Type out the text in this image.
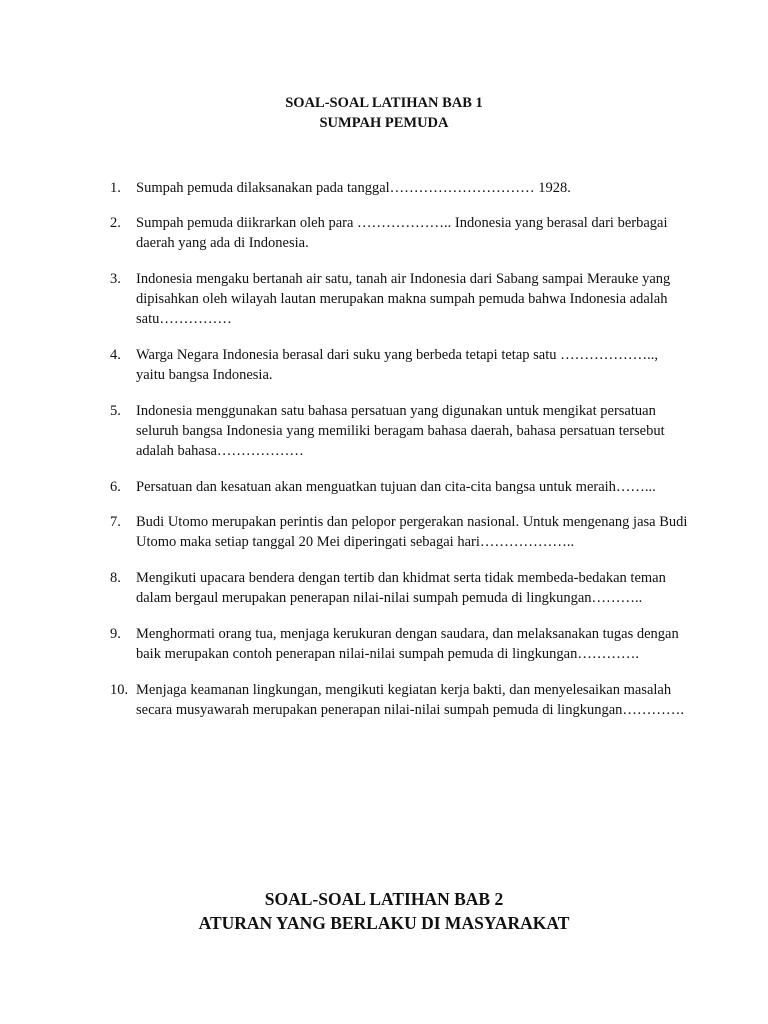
SOAL-SOAL LATIHAN BAB 1
SUMPAH PEMUDA
1. Sumpah pemuda dilaksanakan pada tanggal………………………… 1928.
2. Sumpah pemuda diikrarkan oleh para ……………….. Indonesia yang berasal dari berbagai daerah yang ada di Indonesia.
3. Indonesia mengaku bertanah air satu, tanah air Indonesia dari Sabang sampai Merauke yang dipisahkan oleh wilayah lautan merupakan makna sumpah pemuda bahwa Indonesia adalah satu……………
4. Warga Negara Indonesia berasal dari suku yang berbeda tetapi tetap satu ……………….., yaitu bangsa Indonesia.
5. Indonesia menggunakan satu bahasa persatuan yang digunakan untuk mengikat persatuan seluruh bangsa Indonesia yang memiliki beragam bahasa daerah, bahasa persatuan tersebut adalah bahasa………………
6. Persatuan dan kesatuan akan menguatkan tujuan dan cita-cita bangsa untuk meraih……...
7. Budi Utomo merupakan perintis dan pelopor pergerakan nasional. Untuk mengenang jasa Budi Utomo maka setiap tanggal 20 Mei diperingati sebagai hari………………..
8. Mengikuti upacara bendera dengan tertib dan khidmat serta tidak membeda-bedakan teman dalam bergaul merupakan penerapan nilai-nilai sumpah pemuda di lingkungan………..
9. Menghormati orang tua, menjaga kerukuran dengan saudara, dan melaksanakan tugas dengan baik merupakan contoh penerapan nilai-nilai sumpah pemuda di lingkungan………….
10. Menjaga keamanan lingkungan, mengikuti kegiatan kerja bakti, dan menyelesaikan masalah secara musyawarah merupakan penerapan nilai-nilai sumpah pemuda di lingkungan………….
SOAL-SOAL LATIHAN BAB 2
ATURAN YANG BERLAKU DI MASYARAKAT
